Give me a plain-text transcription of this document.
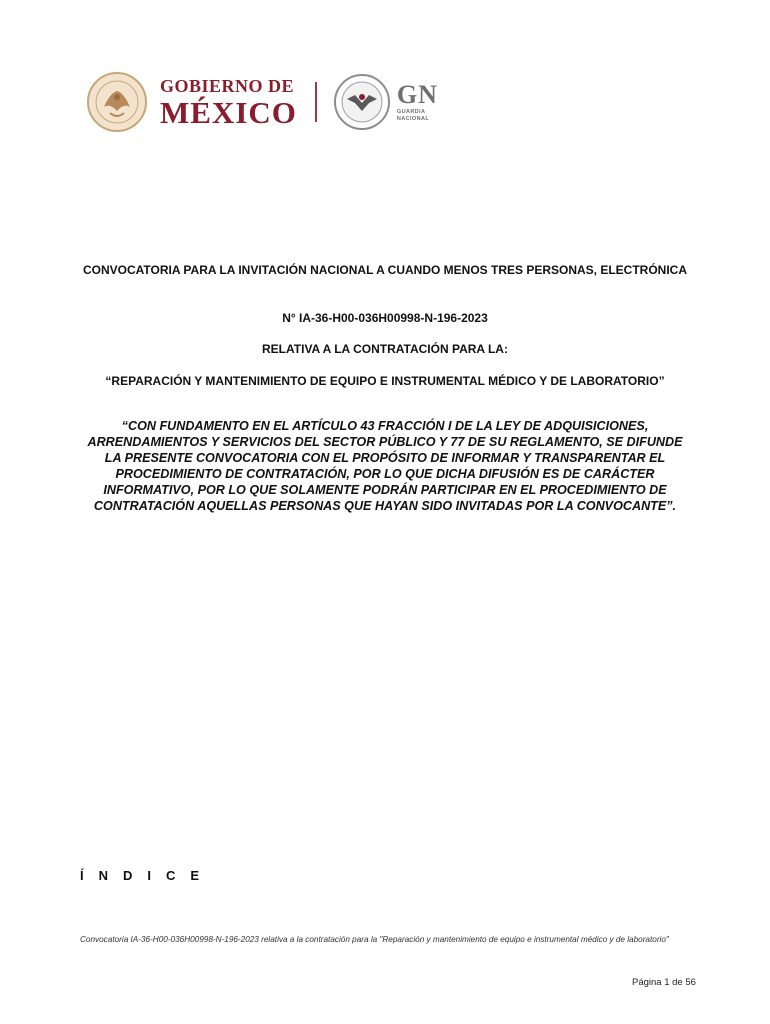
GOBIERNO DE
MÉXICO
GN
GUARDIA
NACIONAL
CONVOCATORIA PARA LA INVITACIÓN NACIONAL A CUANDO MENOS TRES PERSONAS, ELECTRÓNICA
N° IA-36-H00-036H00998-N-196-2023
RELATIVA A LA CONTRATACIÓN PARA LA:
“REPARACIÓN Y MANTENIMIENTO DE EQUIPO E INSTRUMENTAL MÉDICO Y DE LABORATORIO”
“CON FUNDAMENTO EN EL ARTÍCULO 43 FRACCIÓN I DE LA LEY DE ADQUISICIONES, ARRENDAMIENTOS Y SERVICIOS DEL SECTOR PÚBLICO Y 77 DE SU REGLAMENTO, SE DIFUNDE LA PRESENTE CONVOCATORIA CON EL PROPÓSITO DE INFORMAR Y TRANSPARENTAR EL PROCEDIMIENTO DE CONTRATACIÓN, POR LO QUE DICHA DIFUSIÓN ES DE CARÁCTER INFORMATIVO, POR LO QUE SOLAMENTE PODRÁN PARTICIPAR EN EL PROCEDIMIENTO DE CONTRATACIÓN AQUELLAS PERSONAS QUE HAYAN SIDO INVITADAS POR LA CONVOCANTE”.
ÍNDICE
Convocatoria IA-36-H00-036H00998-N-196-2023 relativa a la contratación para la "Reparación y mantenimiento de equipo e instrumental médico y de laboratorio"
Página 1 de 56
